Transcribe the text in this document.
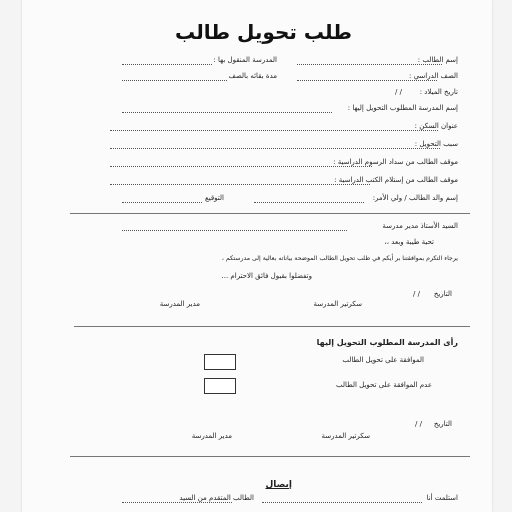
طلب تحويل طالب
إسم الطالب :
المدرسة المنقول بها :
الصف الدراسي :
مدة بقائه بالصف
تاريخ الميلاد :
/ /
إسم المدرسة المطلوب التحويل إليها :
عنوان السكن :
سبب التحويل :
موقف الطالب من سداد الرسوم الدراسية :
موقف الطالب من إستلام الكتب الدراسية :
إسم والد الطالب / ولي الأمر:
التوقيع
السيد الأستاذ مدير مدرسة
تحية طيبة وبعد ،،
يرجاء التكرم بموافقتنا بر أيكم في طلب تحويل الطالب الموضحة بياناته بعالية إلى مدرستكم ،
وتفضلوا بقبول فائق الاحترام ...
التاريخ
/ /
سكرتير المدرسة
مدير المدرسة
رأى المدرسة المطلوب التحويل إليها
الموافقة على تحويل الطالب
عدم الموافقة على تحويل الطالب
التاريخ
/ /
سكرتير المدرسة
مدير المدرسة
إيصال
استلمت أنا
الطالب المتقدم من السيد
